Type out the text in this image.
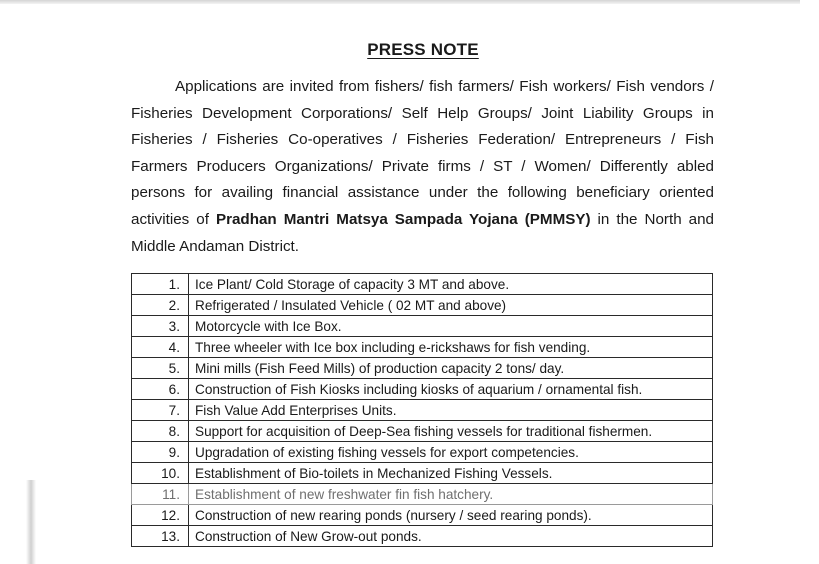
PRESS NOTE

Applications are invited from fishers/ fish farmers/ Fish workers/ Fish vendors / Fisheries Development Corporations/ Self Help Groups/ Joint Liability Groups in Fisheries / Fisheries Co-operatives / Fisheries Federation/ Entrepreneurs / Fish Farmers Producers Organizations/ Private firms / ST / Women/ Differently abled persons for availing financial assistance under the following beneficiary oriented activities of Pradhan Mantri Matsya Sampada Yojana (PMMSY) in the North and Middle Andaman District.

1.	Ice Plant/ Cold Storage of capacity 3 MT and above.
2.	Refrigerated / Insulated Vehicle ( 02 MT and above)
3.	Motorcycle with Ice Box.
4.	Three wheeler with Ice box including e-rickshaws for fish vending.
5.	Mini mills (Fish Feed Mills) of production capacity 2 tons/ day.
6.	Construction of Fish Kiosks including kiosks of aquarium / ornamental fish.
7.	Fish Value Add Enterprises Units.
8.	Support for acquisition of Deep-Sea fishing vessels for traditional fishermen.
9.	Upgradation of existing fishing vessels for export competencies.
10.	Establishment of Bio-toilets in Mechanized Fishing Vessels.
11.	Establishment of new freshwater fin fish hatchery.
12.	Construction of new rearing ponds (nursery / seed rearing ponds).
13.	Construction of New Grow-out ponds.
